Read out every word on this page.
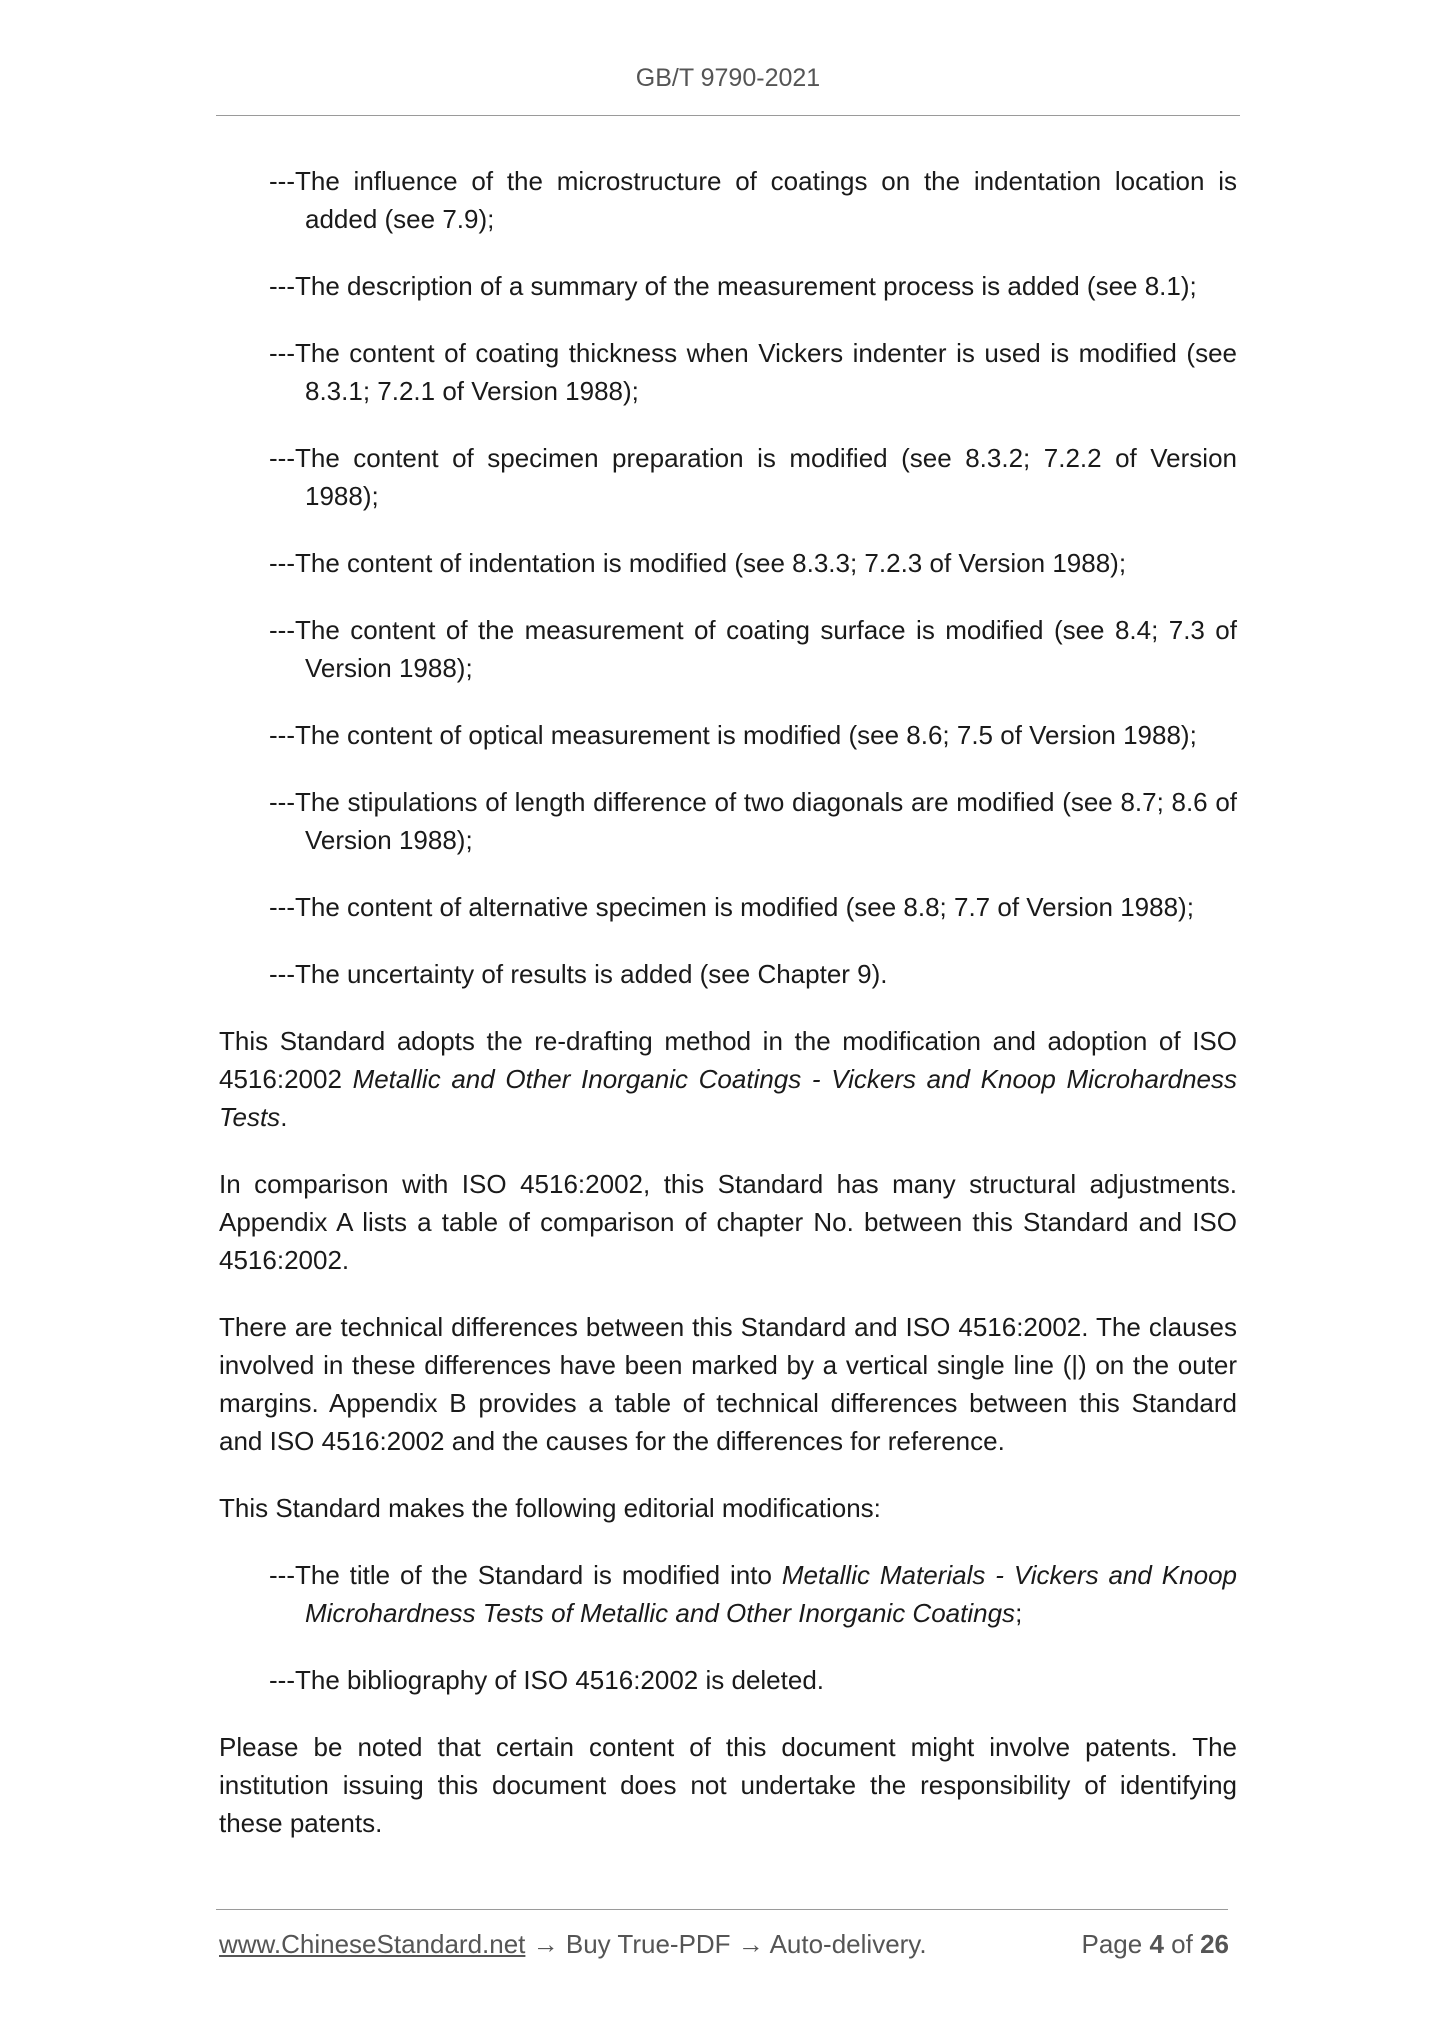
GB/T 9790-2021

---The influence of the microstructure of coatings on the indentation location is added (see 7.9);

---The description of a summary of the measurement process is added (see 8.1);

---The content of coating thickness when Vickers indenter is used is modified (see 8.3.1; 7.2.1 of Version 1988);

---The content of specimen preparation is modified (see 8.3.2; 7.2.2 of Version 1988);

---The content of indentation is modified (see 8.3.3; 7.2.3 of Version 1988);

---The content of the measurement of coating surface is modified (see 8.4; 7.3 of Version 1988);

---The content of optical measurement is modified (see 8.6; 7.5 of Version 1988);

---The stipulations of length difference of two diagonals are modified (see 8.7; 8.6 of Version 1988);

---The content of alternative specimen is modified (see 8.8; 7.7 of Version 1988);

---The uncertainty of results is added (see Chapter 9).

This Standard adopts the re-drafting method in the modification and adoption of ISO 4516:2002 Metallic and Other Inorganic Coatings - Vickers and Knoop Microhardness Tests.

In comparison with ISO 4516:2002, this Standard has many structural adjustments. Appendix A lists a table of comparison of chapter No. between this Standard and ISO 4516:2002.

There are technical differences between this Standard and ISO 4516:2002. The clauses involved in these differences have been marked by a vertical single line (|) on the outer margins. Appendix B provides a table of technical differences between this Standard and ISO 4516:2002 and the causes for the differences for reference.

This Standard makes the following editorial modifications:

---The title of the Standard is modified into Metallic Materials - Vickers and Knoop Microhardness Tests of Metallic and Other Inorganic Coatings;

---The bibliography of ISO 4516:2002 is deleted.

Please be noted that certain content of this document might involve patents. The institution issuing this document does not undertake the responsibility of identifying these patents.

www.ChineseStandard.net → Buy True-PDF → Auto-delivery.	Page 4 of 26
